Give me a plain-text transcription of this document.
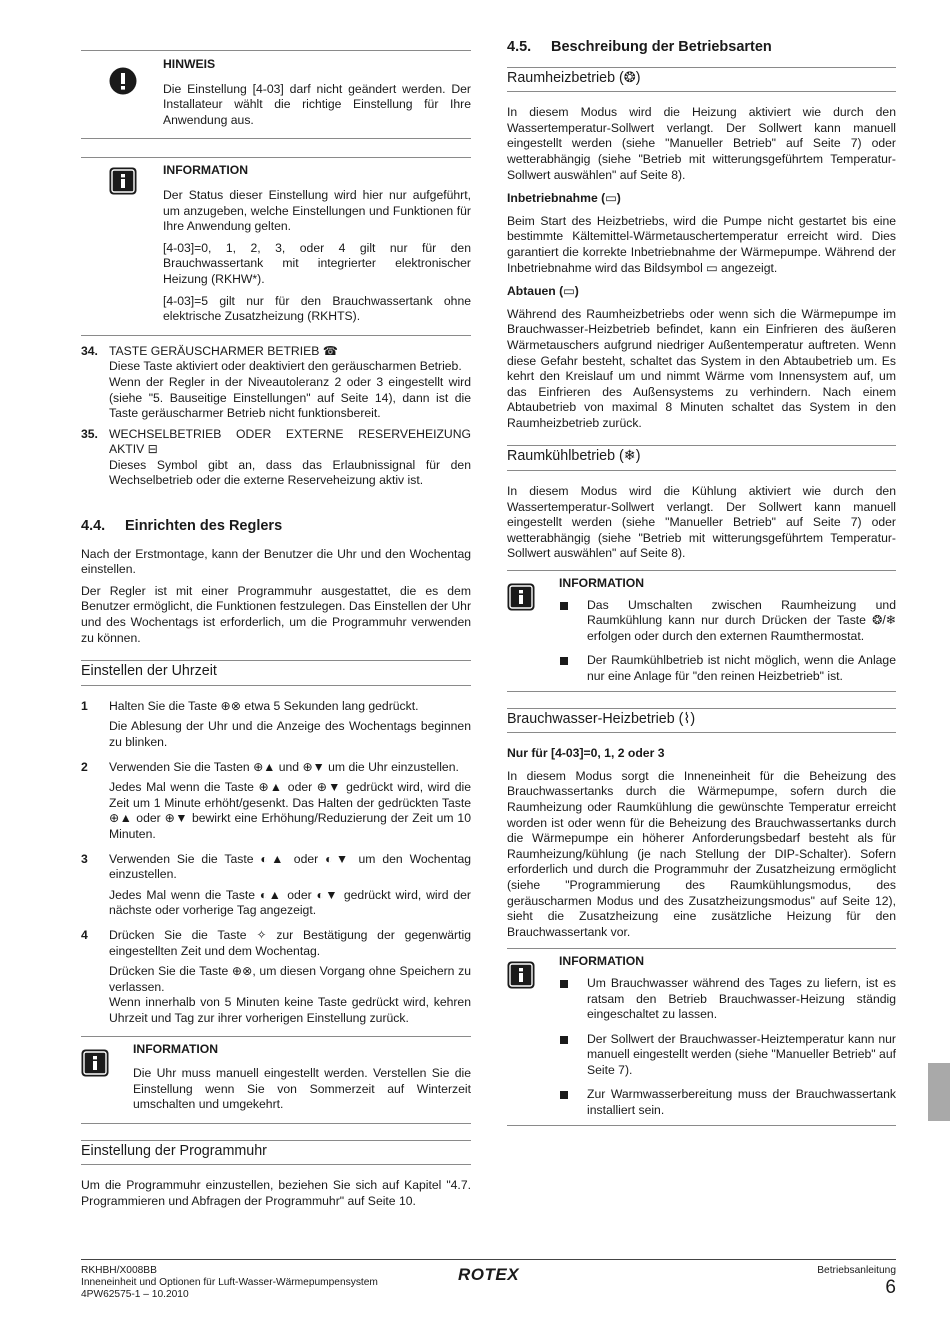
HINWEIS

Die Einstellung [4-03] darf nicht geändert werden. Der Installateur wählt die richtige Einstellung für Ihre Anwendung aus.

INFORMATION

Der Status dieser Einstellung wird hier nur aufgeführt, um anzugeben, welche Einstellungen und Funktionen für Ihre Anwendung gelten.

[4-03]=0, 1, 2, 3, oder 4 gilt nur für den Brauchwassertank mit integrierter elektronischer Heizung (RKHW*).

[4-03]=5 gilt nur für den Brauchwassertank ohne elektrische Zusatzheizung (RKHTS).

34. TASTE GERÄUSCHARMER BETRIEB ☎
Diese Taste aktiviert oder deaktiviert den geräuscharmen Betrieb.
Wenn der Regler in der Niveautoleranz 2 oder 3 eingestellt wird (siehe "5. Bauseitige Einstellungen" auf Seite 14), dann ist die Taste geräuscharmer Betrieb nicht funktionsbereit.
35. WECHSELBETRIEB ODER EXTERNE RESERVEHEIZUNG AKTIV ⊟
Dieses Symbol gibt an, dass das Erlaubnissignal für den Wechselbetrieb oder die externe Reserveheizung aktiv ist.
4.4. Einrichten des Reglers

Nach der Erstmontage, kann der Benutzer die Uhr und den Wochentag einstellen.

Der Regler ist mit einer Programmuhr ausgestattet, die es dem Benutzer ermöglicht, die Funktionen festzulegen. Das Einstellen der Uhr und des Wochentags ist erforderlich, um die Programmuhr verwenden zu können.

Einstellen der Uhrzeit
1 Halten Sie die Taste ⊕⊗ etwa 5 Sekunden lang gedrückt.

Die Ablesung der Uhr und die Anzeige des Wochentags beginnen zu blinken.

2 Verwenden Sie die Tasten ⊕▲ und ⊕▼ um die Uhr einzustellen.

Jedes Mal wenn die Taste ⊕▲ oder ⊕▼ gedrückt wird, wird die Zeit um 1 Minute erhöht/gesenkt. Das Halten der gedrückten Taste ⊕▲ oder ⊕▼ bewirkt eine Erhöhung/Reduzierung der Zeit um 10 Minuten.

3 Verwenden Sie die Taste ◐▲ oder ◐▼ um den Wochentag einzustellen.

Jedes Mal wenn die Taste ◐▲ oder ◐▼ gedrückt wird, wird der nächste oder vorherige Tag angezeigt.

4 Drücken Sie die Taste ✧ zur Bestätigung der gegenwärtig eingestellten Zeit und dem Wochentag.

Drücken Sie die Taste ⊕⊗, um diesen Vorgang ohne Speichern zu verlassen.
Wenn innerhalb von 5 Minuten keine Taste gedrückt wird, kehren Uhrzeit und Tag zur ihrer vorherigen Einstellung zurück.

INFORMATION

Die Uhr muss manuell eingestellt werden. Verstellen Sie die Einstellung wenn Sie von Sommerzeit auf Winterzeit umschalten und umgekehrt.

Einstellung der Programmuhr

Um die Programmuhr einzustellen, beziehen Sie sich auf Kapitel "4.7. Programmieren und Abfragen der Programmuhr" auf Seite 10.

4.5. Beschreibung der Betriebsarten
Raumheizbetrieb (❂)

In diesem Modus wird die Heizung aktiviert wie durch den Wassertemperatur-Sollwert verlangt. Der Sollwert kann manuell eingestellt werden (siehe "Manueller Betrieb" auf Seite 7) oder wetterabhängig (siehe "Betrieb mit witterungsgeführtem Temperatur-Sollwert auswählen" auf Seite 8).

Inbetriebnahme (▭)

Beim Start des Heizbetriebs, wird die Pumpe nicht gestartet bis eine bestimmte Kältemittel-Wärmetauschertemperatur erreicht wird. Dies garantiert die korrekte Inbetriebnahme der Wärmepumpe. Während der Inbetriebnahme wird das Bildsymbol ▭ angezeigt.

Abtauen (▭)

Während des Raumheizbetriebs oder wenn sich die Wärmepumpe im Brauchwasser-Heizbetrieb befindet, kann ein Einfrieren des äußeren Wärmetauschers aufgrund niedriger Außentemperatur auftreten. Wenn diese Gefahr besteht, schaltet das System in den Abtaubetrieb um. Es kehrt den Kreislauf um und nimmt Wärme vom Innensystem auf, um das Einfrieren des Außensystems zu verhindern. Nach einem Abtaubetrieb von maximal 8 Minuten schaltet das System in den Raumheizbetrieb zurück.

Raumkühlbetrieb (❄)

In diesem Modus wird die Kühlung aktiviert wie durch den Wassertemperatur-Sollwert verlangt. Der Sollwert kann manuell eingestellt werden (siehe "Manueller Betrieb" auf Seite 7) oder wetterabhängig (siehe "Betrieb mit witterungsgeführtem Temperatur-Sollwert auswählen" auf Seite 8).

INFORMATION
Das Umschalten zwischen Raumheizung und Raumkühlung kann nur durch Drücken der Taste ❂/❄ erfolgen oder durch den externen Raumthermostat.
Der Raumkühlbetrieb ist nicht möglich, wenn die Anlage nur eine Anlage für "den reinen Heizbetrieb" ist.
Brauchwasser-Heizbetrieb (⌇)
Nur für [4-03]=0, 1, 2 oder 3

In diesem Modus sorgt die Inneneinheit für die Beheizung des Brauchwassertanks durch die Wärmepumpe, sofern durch die Raumheizung oder Raumkühlung die gewünschte Temperatur erreicht worden ist oder wenn für die Beheizung des Brauchwassertanks durch die Wärmepumpe ein höherer Anforderungsbedarf besteht als für Raumheizung/kühlung (je nach Stellung der DIP-Schalter). Sofern erforderlich und durch die Programmuhr der Zusatzheizung ermöglicht (siehe "Programmierung des Raumkühlungsmodus, des geräuscharmen Modus und des Zusatzheizungsmodus" auf Seite 12), sieht die Zusatzheizung eine zusätzliche Heizung für den Brauchwassertank vor.

INFORMATION
Um Brauchwasser während des Tages zu liefern, ist es ratsam den Betrieb Brauchwasser-Heizung ständig eingeschaltet zu lassen.
Der Sollwert der Brauchwasser-Heiztemperatur kann nur manuell eingestellt werden (siehe "Manueller Betrieb" auf Seite 7).
Zur Warmwasserbereitung muss der Brauchwassertank installiert sein.
RKHBH/X008BB
Inneneinheit und Optionen für Luft-Wasser-Wärmepumpensystem
4PW62575-1 – 10.2010
ROTEX	Betriebsanleitung
6
